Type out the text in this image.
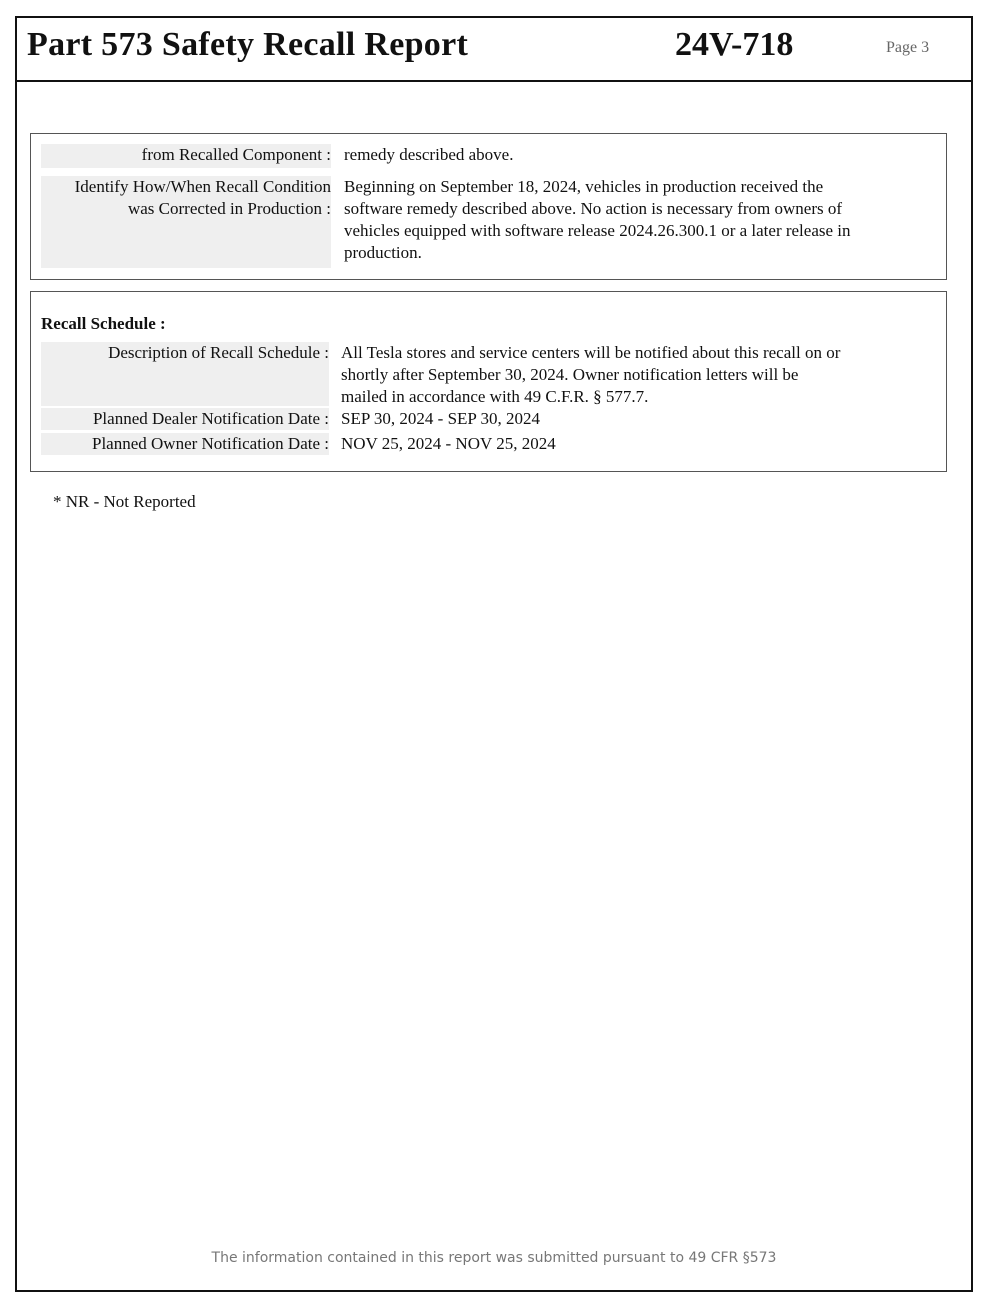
Part 573 Safety Recall Report	24V-718	Page 3
from Recalled Component : remedy described above.
Identify How/When Recall Condition
was Corrected in Production :
Beginning on September 18, 2024, vehicles in production received the
software remedy described above. No action is necessary from owners of
vehicles equipped with software release 2024.26.300.1 or a later release in
production.
Recall Schedule :
Description of Recall Schedule : All Tesla stores and service centers will be notified about this recall on or
shortly after September 30, 2024. Owner notification letters will be
mailed in accordance with 49 C.F.R. § 577.7.
Planned Dealer Notification Date : SEP 30, 2024 - SEP 30, 2024
Planned Owner Notification Date : NOV 25, 2024 - NOV 25, 2024
* NR - Not Reported
The information contained in this report was submitted pursuant to 49 CFR §573
